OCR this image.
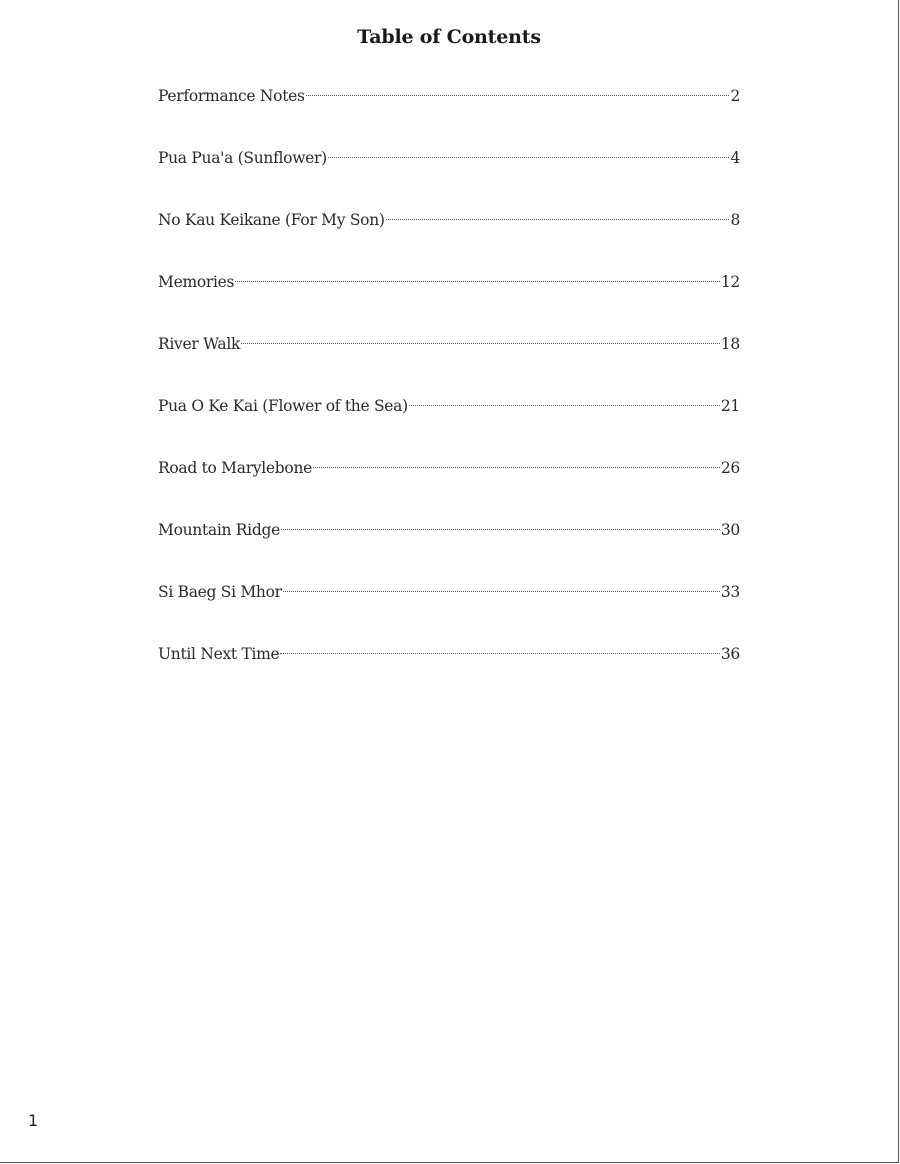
Table of Contents
Performance Notes	2
Pua Pua'a (Sunflower)	4
No Kau Keikane (For My Son)	8
Memories	12
River Walk	18
Pua O Ke Kai (Flower of the Sea)	21
Road to Marylebone	26
Mountain Ridge	30
Si Baeg Si Mhor	33
Until Next Time	36
1
